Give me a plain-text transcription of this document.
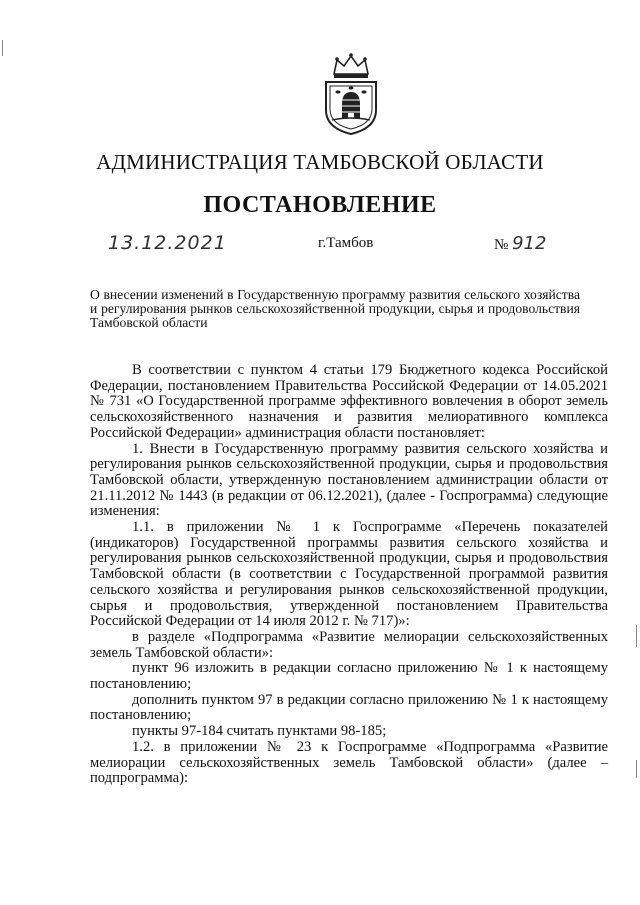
АДМИНИСТРАЦИЯ ТАМБОВСКОЙ ОБЛАСТИ
ПОСТАНОВЛЕНИЕ
13.12.2021	г.Тамбов	№ 912
О внесении изменений в Государственную программу развития сельского хозяйства и регулирования рынков сельскохозяйственной продукции, сырья и продовольствия Тамбовской области

В соответствии с пунктом 4 статьи 179 Бюджетного кодекса Российской Федерации, постановлением Правительства Российской Федерации от 14.05.2021 № 731 «О Государственной программе эффективного вовлечения в оборот земель сельскохозяйственного назначения и развития мелиоративного комплекса Российской Федерации» администрация области постановляет:

1. Внести в Государственную программу развития сельского хозяйства и регулирования рынков сельскохозяйственной продукции, сырья и продовольствия Тамбовской области, утвержденную постановлением администрации области от 21.11.2012 № 1443 (в редакции от 06.12.2021), (далее - Госпрограмма) следующие изменения:

1.1. в приложении № 1 к Госпрограмме «Перечень показателей (индикаторов) Государственной программы развития сельского хозяйства и регулирования рынков сельскохозяйственной продукции, сырья и продовольствия Тамбовской области (в соответствии с Государственной программой развития сельского хозяйства и регулирования рынков сельскохозяйственной продукции, сырья и продовольствия, утвержденной постановлением Правительства Российской Федерации от 14 июля 2012 г. № 717)»:

в разделе «Подпрограмма «Развитие мелиорации сельскохозяйственных земель Тамбовской области»:

пункт 96 изложить в редакции согласно приложению № 1 к настоящему постановлению;

дополнить пунктом 97 в редакции согласно приложению № 1 к настоящему постановлению;

пункты 97-184 считать пунктами 98-185;

1.2. в приложении № 23 к Госпрограмме «Подпрограмма «Развитие мелиорации сельскохозяйственных земель Тамбовской области» (далее – подпрограмма):
